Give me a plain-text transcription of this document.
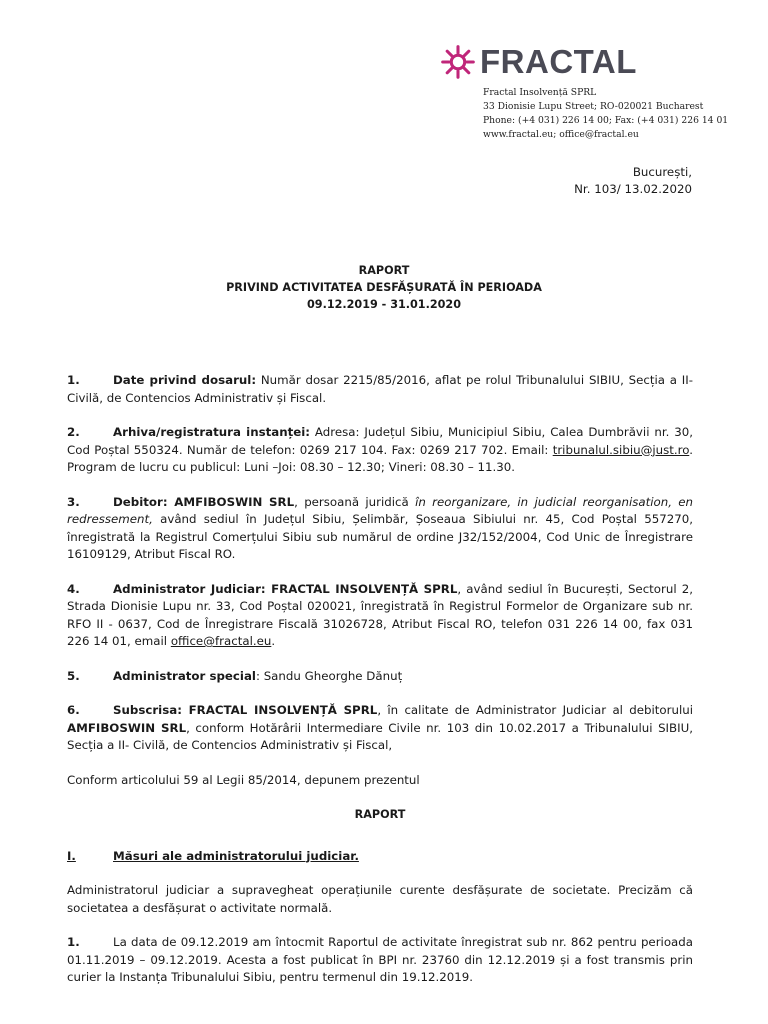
FRACTAL
Fractal Insolvență SPRL
33 Dionisie Lupu Street; RO-020021 Bucharest
Phone: (+4 031) 226 14 00; Fax: (+4 031) 226 14 01
www.fractal.eu; office@fractal.eu
București,
Nr. 103/ 13.02.2020
RAPORT
PRIVIND ACTIVITATEA DESFĂȘURATĂ ÎN PERIOADA
09.12.2019 - 31.01.2020

1.	Date privind dosarul: Număr dosar 2215/85/2016, aflat pe rolul Tribunalului SIBIU, Secția a II- Civilă, de Contencios Administrativ și Fiscal.

2.	Arhiva/registratura instanței: Adresa: Județul Sibiu, Municipiul Sibiu, Calea Dumbrăvii nr. 30, Cod Poștal 550324. Număr de telefon: 0269 217 104. Fax: 0269 217 702. Email: tribunalul.sibiu@just.ro. Program de lucru cu publicul: Luni –Joi: 08.30 – 12.30; Vineri: 08.30 – 11.30.

3.	Debitor: AMFIBOSWIN SRL, persoană juridică în reorganizare, in judicial reorganisation, en redressement, având sediul în Județul Sibiu, Șelimbăr, Șoseaua Sibiului nr. 45, Cod Poștal 557270, înregistrată la Registrul Comerțului Sibiu sub numărul de ordine J32/152/2004, Cod Unic de Înregistrare 16109129, Atribut Fiscal RO.

4.	Administrator Judiciar: FRACTAL INSOLVENȚĂ SPRL, având sediul în București, Sectorul 2, Strada Dionisie Lupu nr. 33, Cod Poștal 020021, înregistrată în Registrul Formelor de Organizare sub nr. RFO II - 0637, Cod de Înregistrare Fiscală 31026728, Atribut Fiscal RO, telefon 031 226 14 00, fax 031 226 14 01, email office@fractal.eu.

5.	Administrator special: Sandu Gheorghe Dănuț

6.	Subscrisa: FRACTAL INSOLVENȚĂ SPRL, în calitate de Administrator Judiciar al debitorului AMFIBOSWIN SRL, conform Hotărârii Intermediare Civile nr. 103 din 10.02.2017 a Tribunalului SIBIU, Secția a II- Civilă, de Contencios Administrativ și Fiscal,

Conform articolului 59 al Legii 85/2014, depunem prezentul

RAPORT

I.	Măsuri ale administratorului judiciar.

Administratorul judiciar a supravegheat operațiunile curente desfășurate de societate. Precizăm că societatea a desfășurat o activitate normală.

1.	La data de 09.12.2019 am întocmit Raportul de activitate înregistrat sub nr. 862 pentru perioada 01.11.2019 – 09.12.2019. Acesta a fost publicat în BPI nr. 23760 din 12.12.2019 și a fost transmis prin curier la Instanța Tribunalului Sibiu, pentru termenul din 19.12.2019.
